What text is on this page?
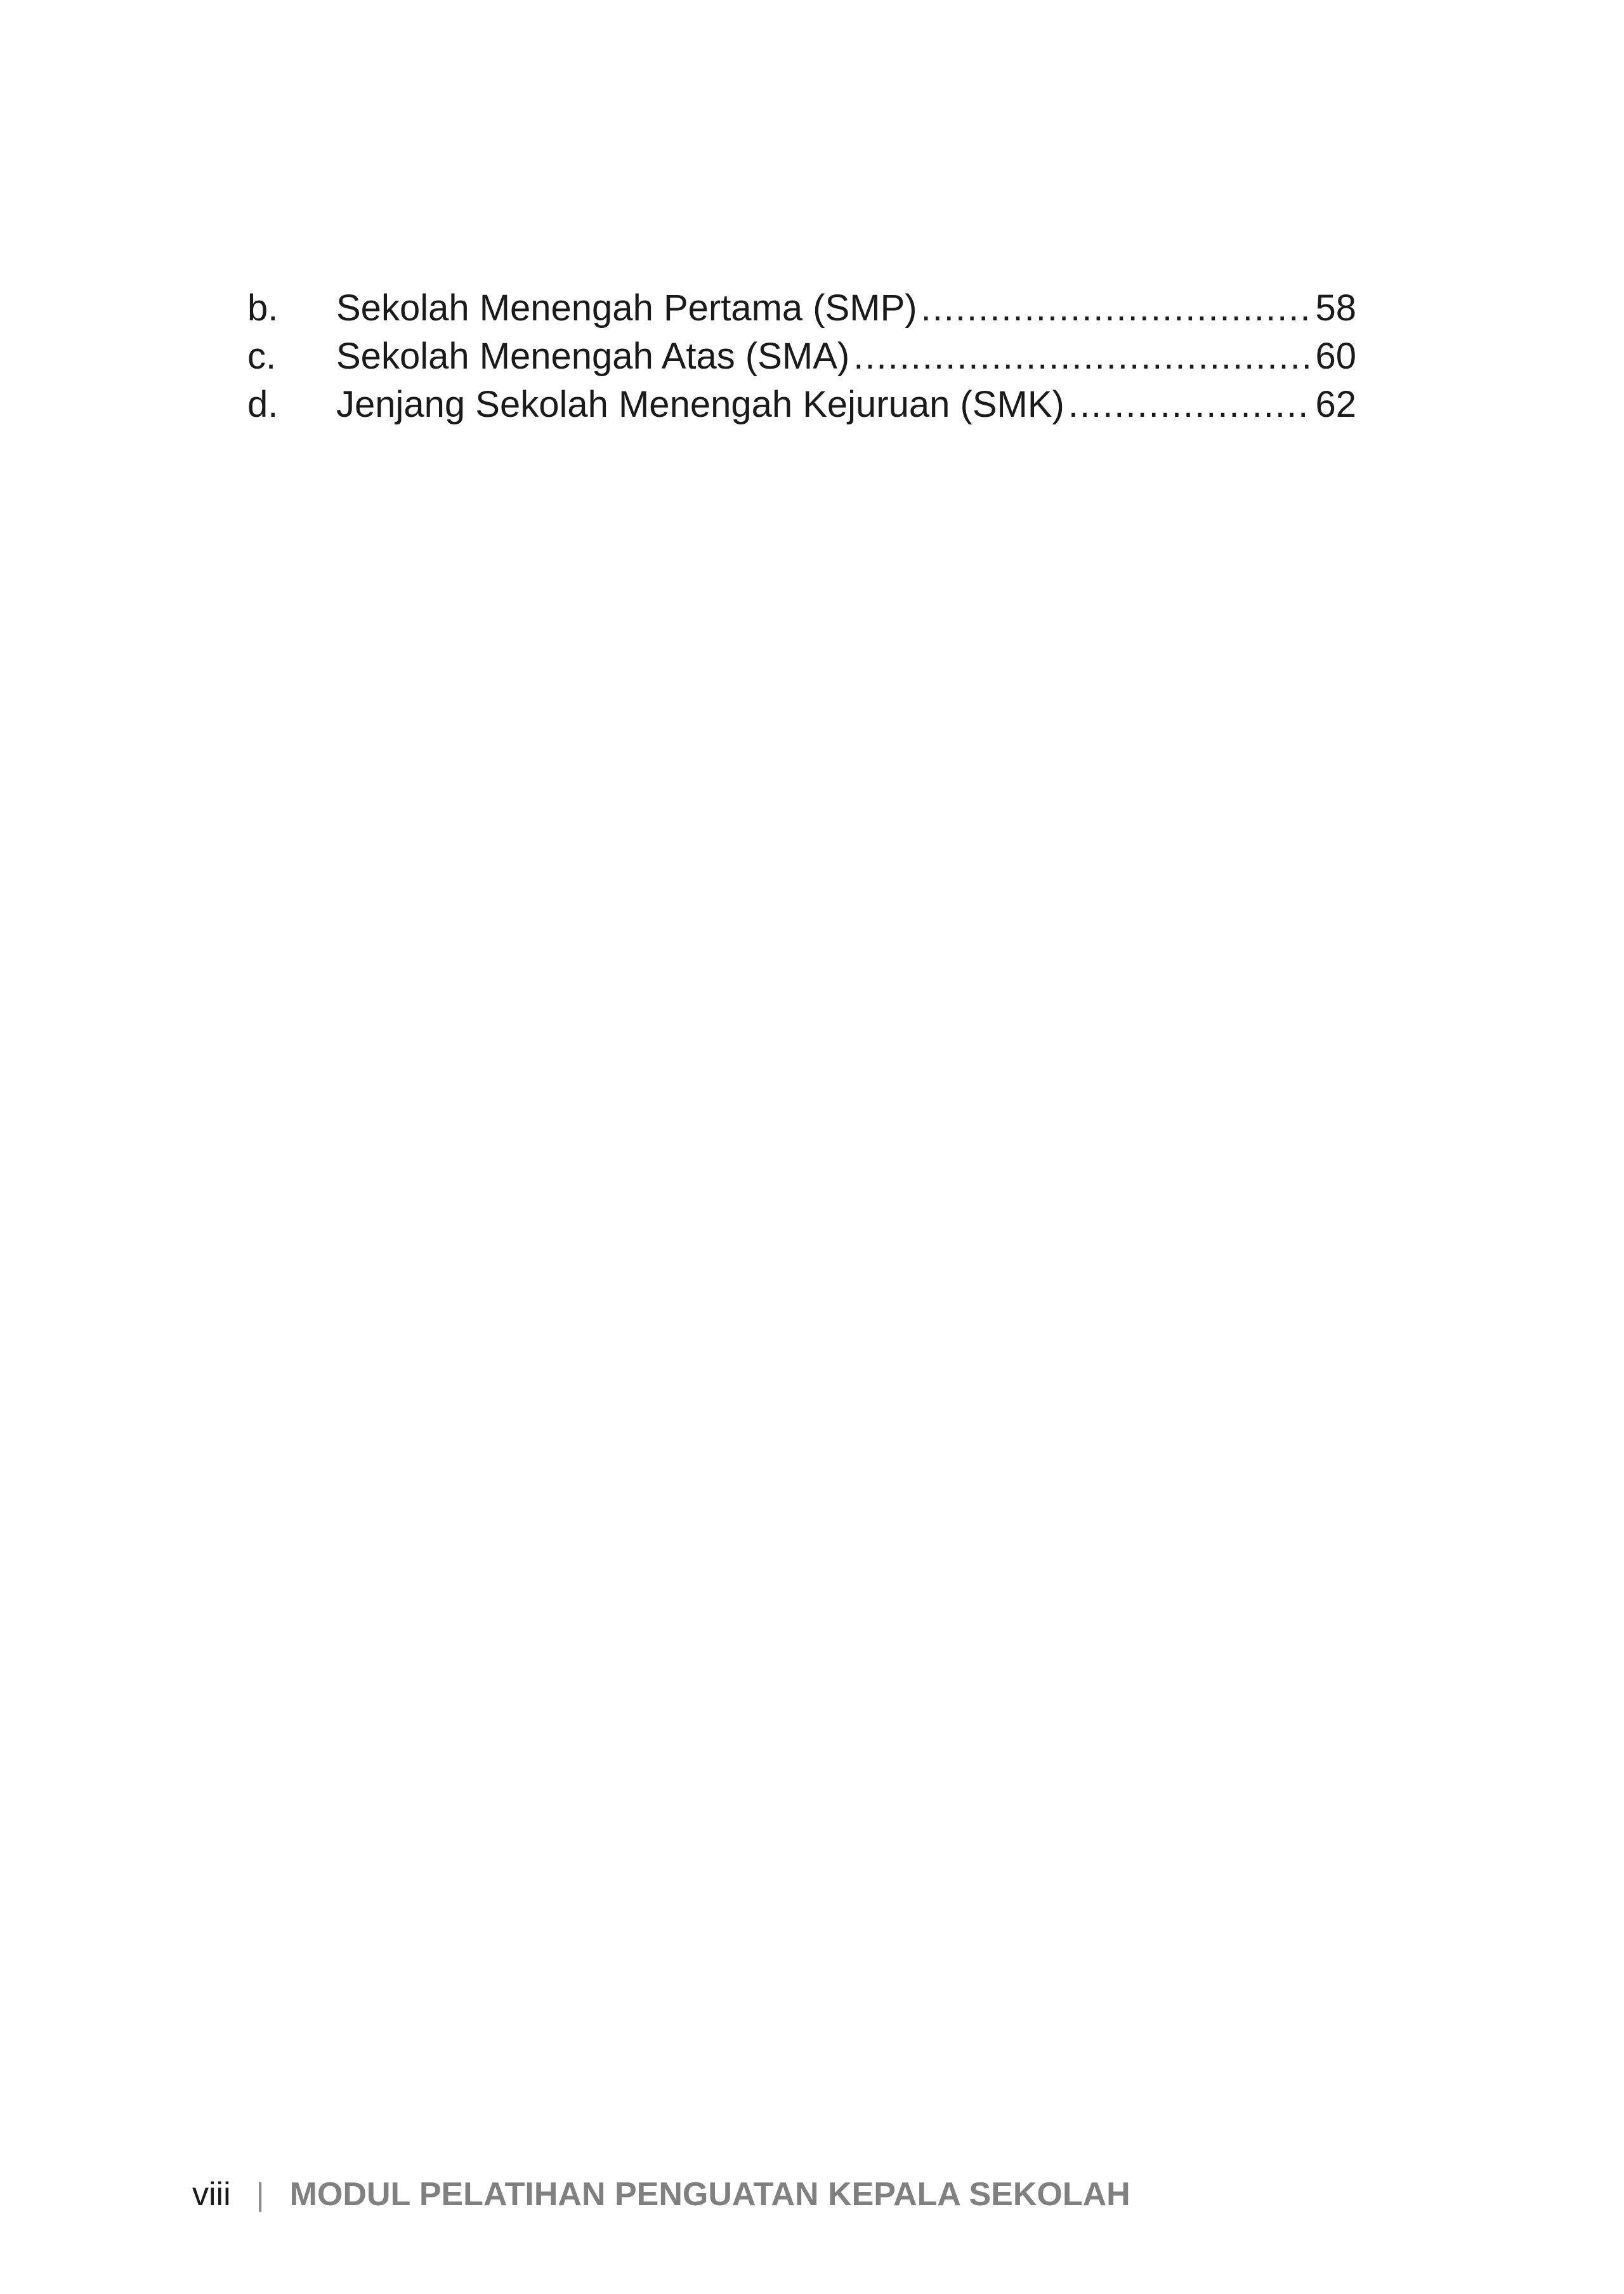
b.	Sekolah Menengah Pertama (SMP) .....	58
c.	Sekolah Menengah Atas (SMA) .....	60
d.	Jenjang Sekolah Menengah Kejuruan (SMK) .....	62
viii | MODUL PELATIHAN PENGUATAN KEPALA SEKOLAH
